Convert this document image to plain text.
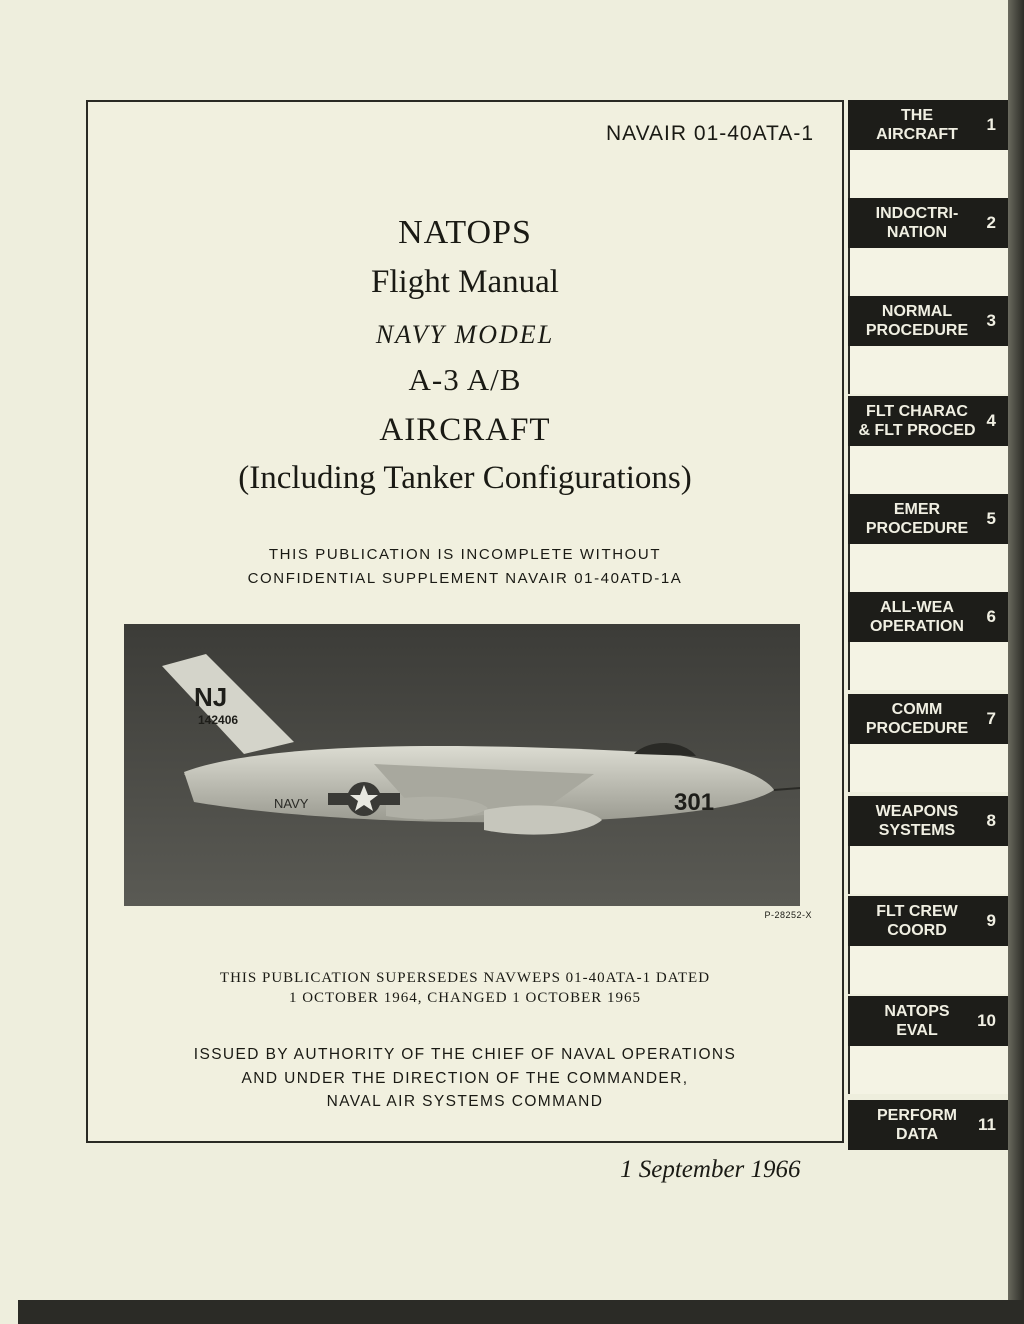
NAVAIR 01-40ATA-1
NATOPS
Flight Manual
NAVY MODEL
A-3 A/B
AIRCRAFT
(Including Tanker Configurations)
THIS PUBLICATION IS INCOMPLETE WITHOUT
CONFIDENTIAL SUPPLEMENT NAVAIR 01-40ATD-1A
NJ
142406
NAVY	301
P-28252-X
THIS PUBLICATION SUPERSEDES NAVWEPS 01-40ATA-1 DATED
1 OCTOBER 1964, CHANGED 1 OCTOBER 1965
ISSUED BY AUTHORITY OF THE CHIEF OF NAVAL OPERATIONS
AND UNDER THE DIRECTION OF THE COMMANDER,
NAVAL AIR SYSTEMS COMMAND
1 September 1966
THE
AIRCRAFT
1
INDOCTRI-
NATION
2
NORMAL
PROCEDURE
3
FLT CHARAC
& FLT PROCED
4
EMER
PROCEDURE
5
ALL-WEA
OPERATION
6
COMM
PROCEDURE
7
WEAPONS
SYSTEMS
8
FLT CREW
COORD
9
NATOPS
EVAL
10
PERFORM
DATA
11
